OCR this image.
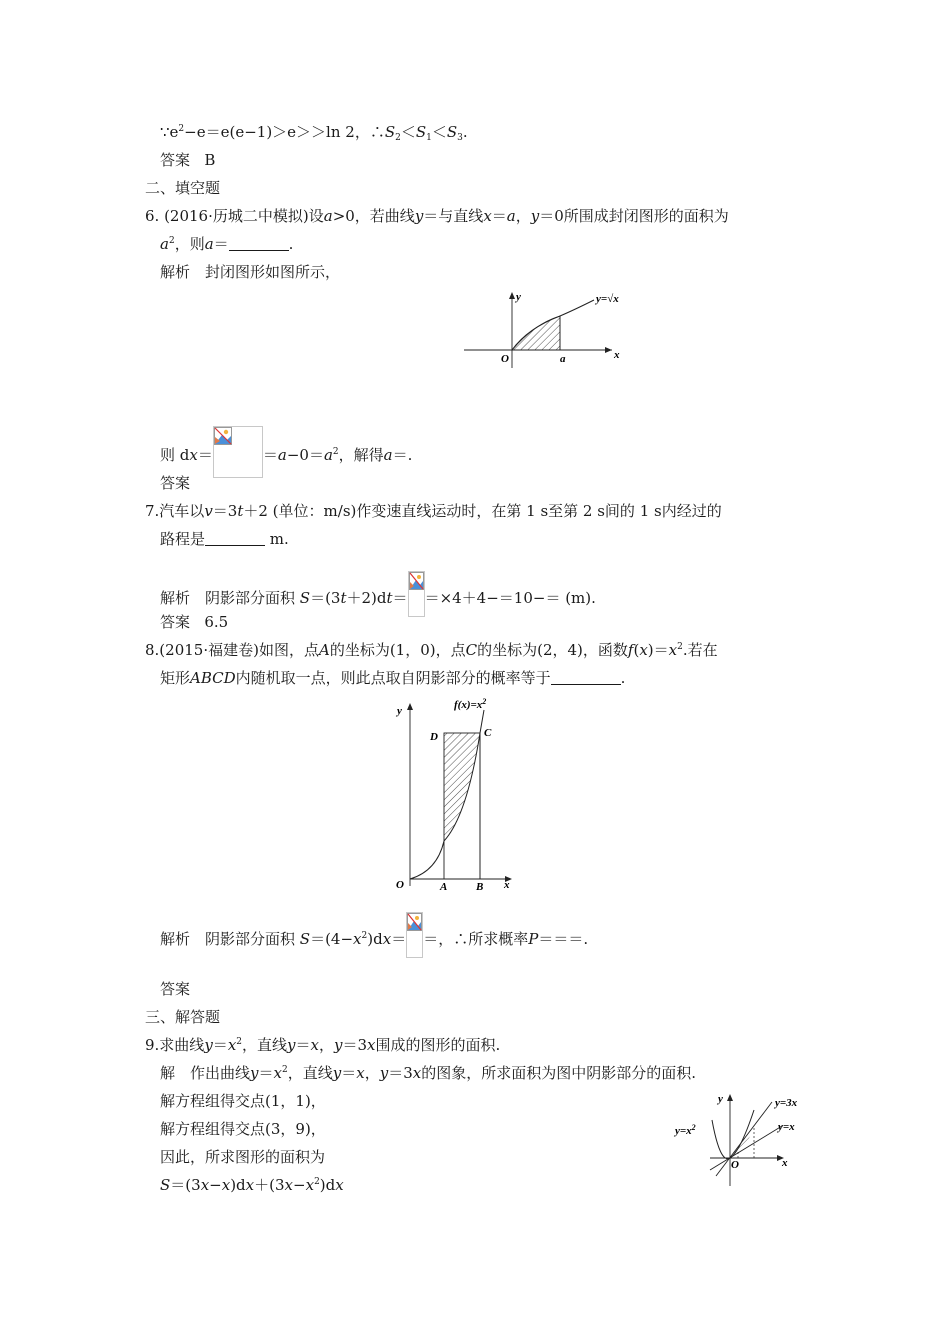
$\because e^2-e=e(e-1)>e>>\ln$ 2，$\therefore S_2<S_1<S_3$.
答案 B
二、填空题
6. (2016·历城二中模拟)设a>0，若曲线y＝与直线x＝a，y＝0所围成封闭图形的面积为
$a^2$，则a＝	.
解析　封闭图形如图所示，
y
x
O	a
y=√x
则 dx＝	$=a-0=a^2$，解得a＝.
答案
7.汽车以v＝3t＋2 (单位：m/s)作变速直线运动时，在第 1 s至第 2 s间的 1 s内经过的
路程是	m.
解析　阴影部分面积 S＝(3t＋2)dt＝ ＝×4＋4−＝10−＝ (m).
答案 6.5
8.(2015·福建卷)如图，点A的坐标为(1，0)，点C的坐标为(2，4)，函数$f(x)=x^2$.若在
矩形ABCD内随机取一点，则此点取自阴影部分的概率等于	.
y
x
O	A	B
C
D
$f(x)=x^2$
解析　阴影部分面积 $S=(4-x^2)dx=$ ＝，∴所求概率P＝＝＝.
答案
三、解答题
9.求曲线$y=x^2$，直线y＝x，y＝3x围成的图形的面积.
解　作出曲线$y=x^2$，直线y＝x，y＝3x的图象，所求面积为图中阴影部分的面积.
解方程组得交点(1，1)，
解方程组得交点(3，9)，
因此，所求图形的面积为
$S=(3x-x)dx+(3x-x^2)dx$
y
x
O
y=3x
y=x
$y=x^2$
